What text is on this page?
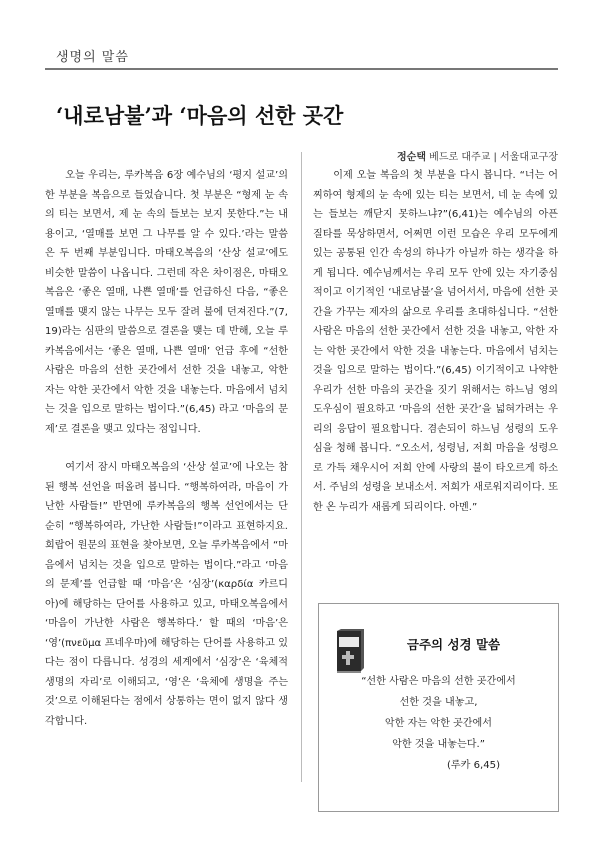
생명의 말씀
‘내로남불’과 ‘마음의 선한 곳간
정순택 베드로 대주교 | 서울대교구장

오늘 우리는, 루카복음 6장 예수님의 ‘평지 설교’의 한 부분을 복음으로 들었습니다. 첫 부분은 “형제 눈 속의 티는 보면서, 제 눈 속의 들보는 보지 못한다.”는 내용이고, ‘열매를 보면 그 나무를 알 수 있다.’라는 말씀은 두 번째 부분입니다. 마태오복음의 ‘산상 설교’에도 비슷한 말씀이 나옵니다. 그런데 작은 차이점은, 마태오복음은 ‘좋은 열매, 나쁜 열매’를 언급하신 다음, “좋은 열매를 맺지 않는 나무는 모두 잘려 불에 던져진다.”(7,19)라는 심판의 말씀으로 결론을 맺는 데 반해, 오늘 루카복음에서는 ‘좋은 열매, 나쁜 열매’ 언급 후에 “선한 사람은 마음의 선한 곳간에서 선한 것을 내놓고, 악한 자는 악한 곳간에서 악한 것을 내놓는다. 마음에서 넘치는 것을 입으로 말하는 법이다.”(6,45) 라고 ‘마음의 문제’로 결론을 맺고 있다는 점입니다.

여기서 잠시 마태오복음의 ‘산상 설교’에 나오는 참된 행복 선언을 떠올려 봅니다. “행복하여라, 마음이 가난한 사람들!” 반면에 루카복음의 행복 선언에서는 단순히 “행복하여라, 가난한 사람들!”이라고 표현하지요. 희랍어 원문의 표현을 찾아보면, 오늘 루카복음에서 “마음에서 넘치는 것을 입으로 말하는 법이다.”라고 ‘마음의 문제’를 언급할 때 ‘마음’은 ‘심장’(καρδία 카르디아)에 해당하는 단어를 사용하고 있고, 마태오복음에서 ‘마음이 가난한 사람은 행복하다.’ 할 때의 ‘마음’은 ‘영’(πνεῦμα 프네우마)에 해당하는 단어를 사용하고 있다는 점이 다릅니다. 성경의 세계에서 ‘심장’은 ‘육체적 생명의 자리’로 이해되고, ‘영’은 ‘육체에 생명을 주는 것’으로 이해된다는 점에서 상통하는 면이 없지 않다 생각합니다.

이제 오늘 복음의 첫 부분을 다시 봅니다. “너는 어찌하여 형제의 눈 속에 있는 티는 보면서, 네 눈 속에 있는 들보는 깨닫지 못하느냐?”(6,41)는 예수님의 아픈 질타를 묵상하면서, 어쩌면 이런 모습은 우리 모두에게 있는 공통된 인간 속성의 하나가 아닐까 하는 생각을 하게 됩니다. 예수님께서는 우리 모두 안에 있는 자기중심적이고 이기적인 ‘내로남불’을 넘어서서, 마음에 선한 곳간을 가꾸는 제자의 삶으로 우리를 초대하십니다. “선한 사람은 마음의 선한 곳간에서 선한 것을 내놓고, 악한 자는 악한 곳간에서 악한 것을 내놓는다. 마음에서 넘치는 것을 입으로 말하는 법이다.”(6,45) 이기적이고 나약한 우리가 선한 마음의 곳간을 짓기 위해서는 하느님 영의 도우심이 필요하고 ‘마음의 선한 곳간’을 넓혀가려는 우리의 응답이 필요합니다. 겸손되이 하느님 성령의 도우심을 청해 봅니다. “오소서, 성령님, 저희 마음을 성령으로 가득 채우시어 저희 안에 사랑의 불이 타오르게 하소서. 주님의 성령을 보내소서. 저희가 새로워지리이다. 또한 온 누리가 새롭게 되리이다. 아멘.”

금주의 성경 말씀
“선한 사람은 마음의 선한 곳간에서
선한 것을 내놓고,
악한 자는 악한 곳간에서
악한 것을 내놓는다.”
(루카 6,45)
